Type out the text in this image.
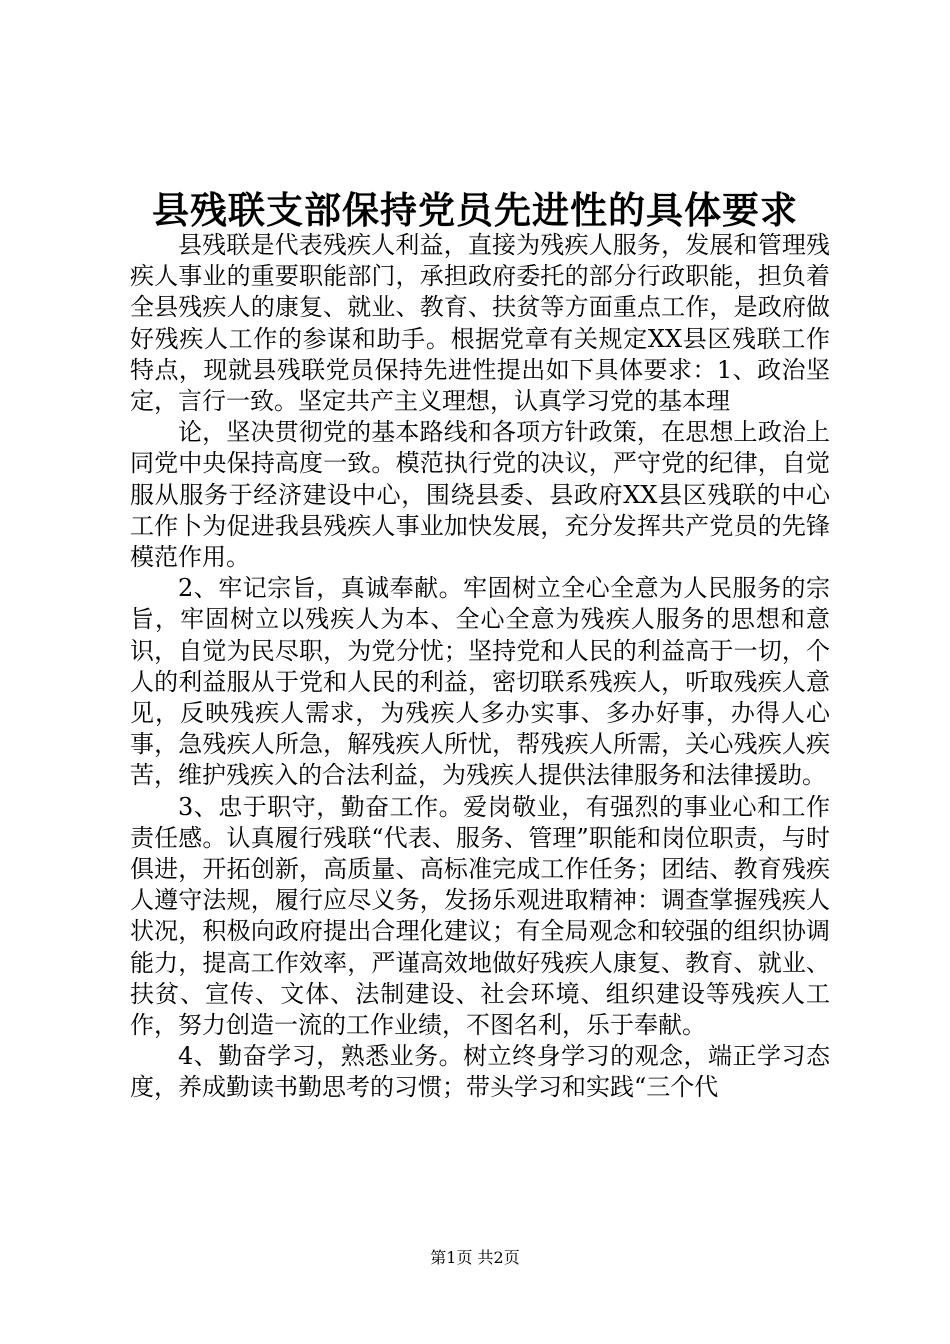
县残联支部保持党员先进性的具体要求

县残联是代表残疾人利益，直接为残疾人服务，发展和管理残疾人事业的重要职能部门，承担政府委托的部分行政职能，担负着全县残疾人的康复、就业、教育、扶贫等方面重点工作，是政府做好残疾人工作的参谋和助手。根据党章有关规定XX县区残联工作特点，现就县残联党员保持先进性提出如下具体要求：1、政治坚定，言行一致。坚定共产主义理想，认真学习党的基本理

论，坚决贯彻党的基本路线和各项方针政策，在思想上政治上同党中央保持高度一致。模范执行党的决议，严守党的纪律，自觉服从服务于经济建设中心，围绕县委、县政府XX县区残联的中心工作卜为促进我县残疾人事业加快发展，充分发挥共产党员的先锋模范作用。

2、牢记宗旨，真诚奉献。牢固树立全心全意为人民服务的宗旨，牢固树立以残疾人为本、全心全意为残疾人服务的思想和意识，自觉为民尽职，为党分忧；坚持党和人民的利益高于一切，个人的利益服从于党和人民的利益，密切联系残疾人，听取残疾人意见，反映残疾人需求，为残疾人多办实事、多办好事，办得人心事，急残疾人所急，解残疾人所忧，帮残疾人所需，关心残疾人疾苦，维护残疾入的合法利益，为残疾人提供法律服务和法律援助。

3、忠于职守，勤奋工作。爱岗敬业，有强烈的事业心和工作责任感。认真履行残联“代表、服务、管理”职能和岗位职责，与时俱进，开拓创新，高质量、高标准完成工作任务；团结、教育残疾人遵守法规，履行应尽义务，发扬乐观进取精神：调查掌握残疾人状况，积极向政府提出合理化建议；有全局观念和较强的组织协调能力，提高工作效率，严谨高效地做好残疾人康复、教育、就业、扶贫、宣传、文体、法制建设、社会环境、组织建设等残疾人工作，努力创造一流的工作业绩，不图名利，乐于奉献。

4、勤奋学习，熟悉业务。树立终身学习的观念，端正学习态度，养成勤读书勤思考的习惯；带头学习和实践“三个代

第1页 共2页
